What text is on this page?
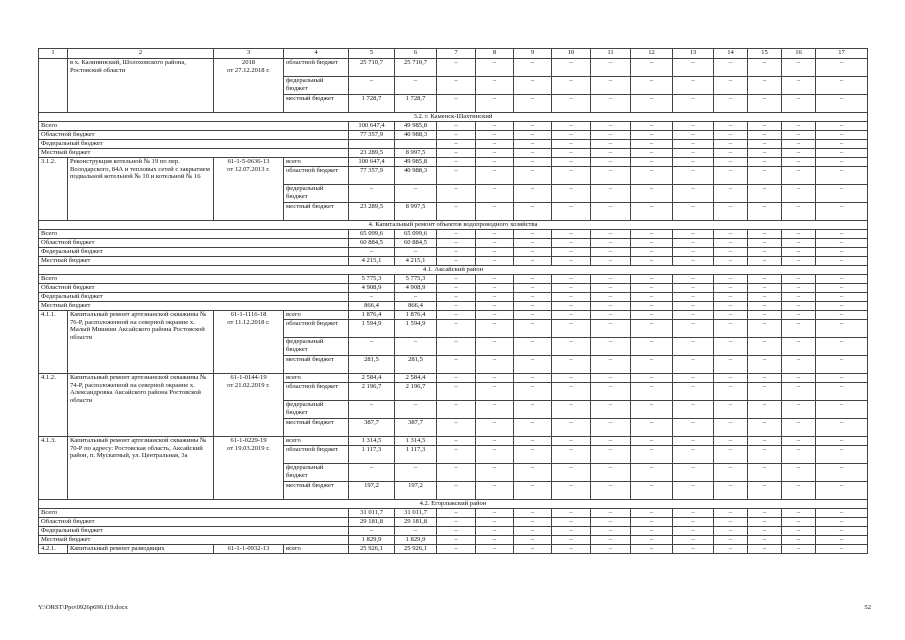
1	2	3	4	5	6	7	8	9	10	11	12	13	14	15	16	17
	в х. Калининский, Шолоховского района, Ростовской области	2018
от 27.12.2018 г.	областной бюджет	25 710,7	25 710,7	–	–	–	–	–	–	–	–	–	–	–
			федеральный бюджет	–	–	–	–	–	–	–	–	–	–	–	–	–
			местный бюджет	1 728,7	1 728,7	–	–	–	–	–	–	–	–	–	–	–
3.2. г. Каменск-Шахтинский																
Всего				100 647,4	49 985,8	–	–	–	–	–	–	–	–	–	–	–
Областной бюджет				77 357,9	40 988,3	–	–	–	–	–	–	–	–	–	–	–
Федеральный бюджет						–	–	–	–	–	–	–	–	–	–	–
Местный бюджет				23 289,5	8 997,5	–	–	–	–	–	–	–	–	–	–	–
3.1.2.	Реконструкция котельной № 19 по пер. Володарского, 84А и тепловых сетей с закрытием подвальной котельной № 10 и котельной № 16	61-1-5-0636-13
от 12.07.2013 г.	всего	100 647,4	49 985,8	–	–	–	–	–	–	–	–	–	–	–
			областной бюджет	77 357,9	40 988,3	–	–	–	–	–	–	–	–	–	–	–
			федеральный бюджет	–	–	–	–	–	–	–	–	–	–	–	–	–
			местный бюджет	23 289,5	8 997,5	–	–	–	–	–	–	–	–	–	–	–
4. Капитальный ремонт объектов водопроводного хозяйства																
Всего				65 099,6	65 099,6	–	–	–	–	–	–	–	–	–	–	–
Областной бюджет				60 884,5	60 884,5	–	–	–	–	–	–	–	–	–	–	–
Федеральный бюджет				–	–	–	–	–	–	–	–	–	–	–	–	–
Местный бюджет				4 215,1	4 215,1	–	–	–	–	–	–	–	–	–	–	–
4.1. Аксайский район																
Всего				5 775,3	5 775,3	–	–	–	–	–	–	–	–	–	–	–
Областной бюджет				4 908,9	4 908,9	–	–	–	–	–	–	–	–	–	–	–
Федеральный бюджет				–	–	–	–	–	–	–	–	–	–	–	–	–
Местный бюджет				866,4	866,4	–	–	–	–	–	–	–	–	–	–	–
4.1.1.	Капитальный ремонт артезианской скважины № 76-Р, расположенной на северной окраине х. Малый Мишкин Аксайского района Ростовской области	61-1-1116-18
от 11.12.2018 г.	всего	1 876,4	1 876,4	–	–	–	–	–	–	–	–	–	–	–
			областной бюджет	1 594,9	1 594,9	–	–	–	–	–	–	–	–	–	–	–
			федеральный бюджет	–	–	–	–	–	–	–	–	–	–	–	–	–
			местный бюджет	281,5	281,5	–	–	–	–	–	–	–	–	–	–	–
4.1.2.	Капитальный ремонт артезианской скважины № 74-Р, расположенной на северной окраине х. Александровка Аксайского района Ростовской области	61-1-0144-19
от 21.02.2019 г.	всего	2 584,4	2 584,4	–	–	–	–	–	–	–	–	–	–	–
			областной бюджет	2 196,7	2 196,7	–	–	–	–	–	–	–	–	–	–	–
			федеральный бюджет	–	–	–	–	–	–	–	–	–	–	–	–	–
			местный бюджет	387,7	387,7	–	–	–	–	–	–	–	–	–	–	–
4.1.3.	Капитальный ремонт артезианской скважины № 70-Р по адресу: Ростовская область, Аксайский район, п. Мускатный, ул. Центральная, 3а	61-1-0229-19
от 19.03.2019 г.	всего	1 314,5	1 314,5	–	–	–	–	–	–	–	–	–	–	–
			областной бюджет	1 117,3	1 117,3	–	–	–	–	–	–	–	–	–	–	–
			федеральный бюджет	–	–	–	–	–	–	–	–	–	–	–	–	–
			местный бюджет	197,2	197,2	–	–	–	–	–	–	–	–	–	–	–
4.2. Егорлыкский район																
Всего				31 011,7	31 011,7	–	–	–	–	–	–	–	–	–	–	–
Областной бюджет				29 181,8	29 181,8	–	–	–	–	–	–	–	–	–	–	–
Федеральный бюджет				–	–	–	–	–	–	–	–	–	–	–	–	–
Местный бюджет				1 829,9	1 829,9	–	–	–	–	–	–	–	–	–	–	–
4.2.1.	Капитальный ремонт разводящих	61-1-1-0932-13	всего	25 926,1	25 926,1	–	–	–	–	–	–	–	–	–	–	–
Y:\ORST\Ppo\0926p690.f19.docx	52
